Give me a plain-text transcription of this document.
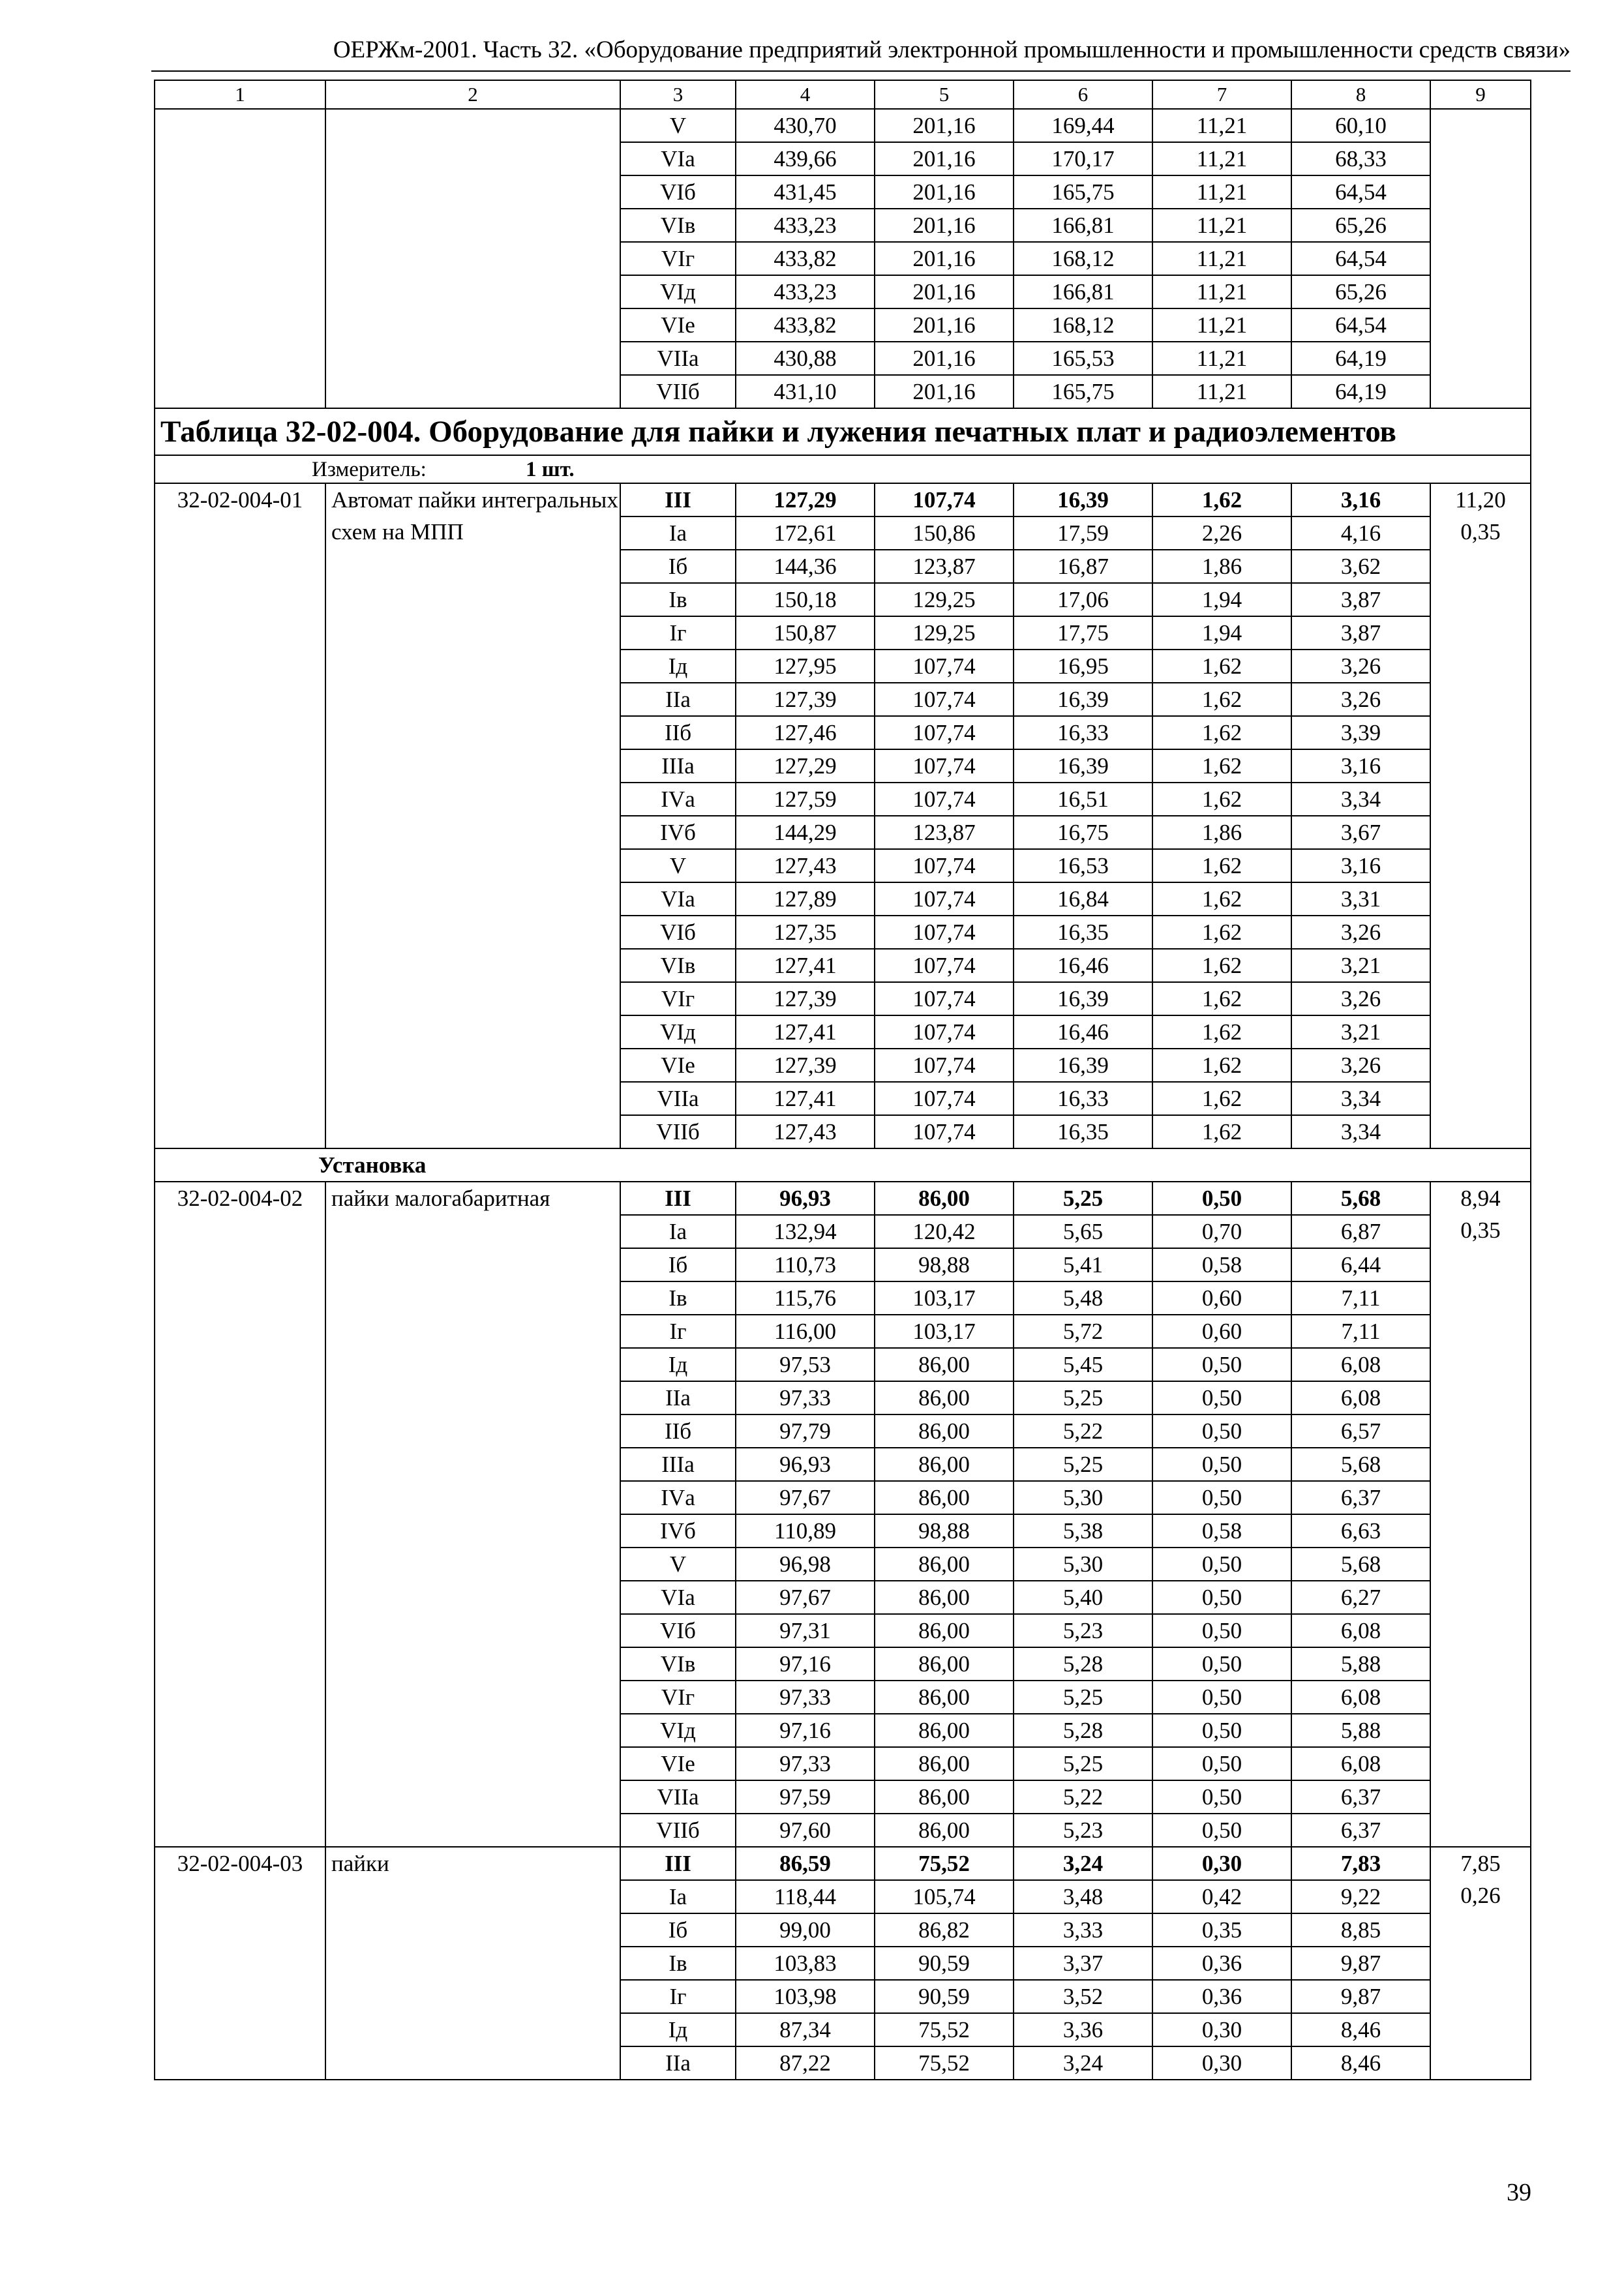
ОЕРЖм-2001. Часть 32. «Оборудование предприятий электронной промышленности и промышленности средств связи»
1	2	3	4	5	6	7	8	9
		V	430,70	201,16	169,44	11,21	60,10	
		VIа	439,66	201,16	170,17	11,21	68,33	
		VIб	431,45	201,16	165,75	11,21	64,54	
		VIв	433,23	201,16	166,81	11,21	65,26	
		VIг	433,82	201,16	168,12	11,21	64,54	
		VIд	433,23	201,16	166,81	11,21	65,26	
		VIе	433,82	201,16	168,12	11,21	64,54	
		VIIа	430,88	201,16	165,53	11,21	64,19	
		VIIб	431,10	201,16	165,75	11,21	64,19	
Таблица 32-02-004. Оборудование для пайки и лужения печатных плат и радиоэлементов								
Измеритель: 1 шт.								
32-02-004-01	Автомат пайки интегральных схем на МПП	III	127,29	107,74	16,39	1,62	3,16	11,20
0,35

		Iа	172,61	150,86	17,59	2,26	4,16	
		Iб	144,36	123,87	16,87	1,86	3,62	
		Iв	150,18	129,25	17,06	1,94	3,87	
		Iг	150,87	129,25	17,75	1,94	3,87	
		Iд	127,95	107,74	16,95	1,62	3,26	
		IIа	127,39	107,74	16,39	1,62	3,26	
		IIб	127,46	107,74	16,33	1,62	3,39	
		IIIа	127,29	107,74	16,39	1,62	3,16	
		IVа	127,59	107,74	16,51	1,62	3,34	
		IVб	144,29	123,87	16,75	1,86	3,67	
		V	127,43	107,74	16,53	1,62	3,16	
		VIа	127,89	107,74	16,84	1,62	3,31	
		VIб	127,35	107,74	16,35	1,62	3,26	
		VIв	127,41	107,74	16,46	1,62	3,21	
		VIг	127,39	107,74	16,39	1,62	3,26	
		VIд	127,41	107,74	16,46	1,62	3,21	
		VIе	127,39	107,74	16,39	1,62	3,26	
		VIIа	127,41	107,74	16,33	1,62	3,34	
		VIIб	127,43	107,74	16,35	1,62	3,34	
Установка								
32-02-004-02	пайки малогабаритная	III	96,93	86,00	5,25	0,50	5,68	8,94
0,35

		Iа	132,94	120,42	5,65	0,70	6,87	
		Iб	110,73	98,88	5,41	0,58	6,44	
		Iв	115,76	103,17	5,48	0,60	7,11	
		Iг	116,00	103,17	5,72	0,60	7,11	
		Iд	97,53	86,00	5,45	0,50	6,08	
		IIа	97,33	86,00	5,25	0,50	6,08	
		IIб	97,79	86,00	5,22	0,50	6,57	
		IIIа	96,93	86,00	5,25	0,50	5,68	
		IVа	97,67	86,00	5,30	0,50	6,37	
		IVб	110,89	98,88	5,38	0,58	6,63	
		V	96,98	86,00	5,30	0,50	5,68	
		VIа	97,67	86,00	5,40	0,50	6,27	
		VIб	97,31	86,00	5,23	0,50	6,08	
		VIв	97,16	86,00	5,28	0,50	5,88	
		VIг	97,33	86,00	5,25	0,50	6,08	
		VIд	97,16	86,00	5,28	0,50	5,88	
		VIе	97,33	86,00	5,25	0,50	6,08	
		VIIа	97,59	86,00	5,22	0,50	6,37	
		VIIб	97,60	86,00	5,23	0,50	6,37	
32-02-004-03	пайки	III	86,59	75,52	3,24	0,30	7,83	7,85
0,26

		Iа	118,44	105,74	3,48	0,42	9,22	
		Iб	99,00	86,82	3,33	0,35	8,85	
		Iв	103,83	90,59	3,37	0,36	9,87	
		Iг	103,98	90,59	3,52	0,36	9,87	
		Iд	87,34	75,52	3,36	0,30	8,46	
		IIа	87,22	75,52	3,24	0,30	8,46	
39
